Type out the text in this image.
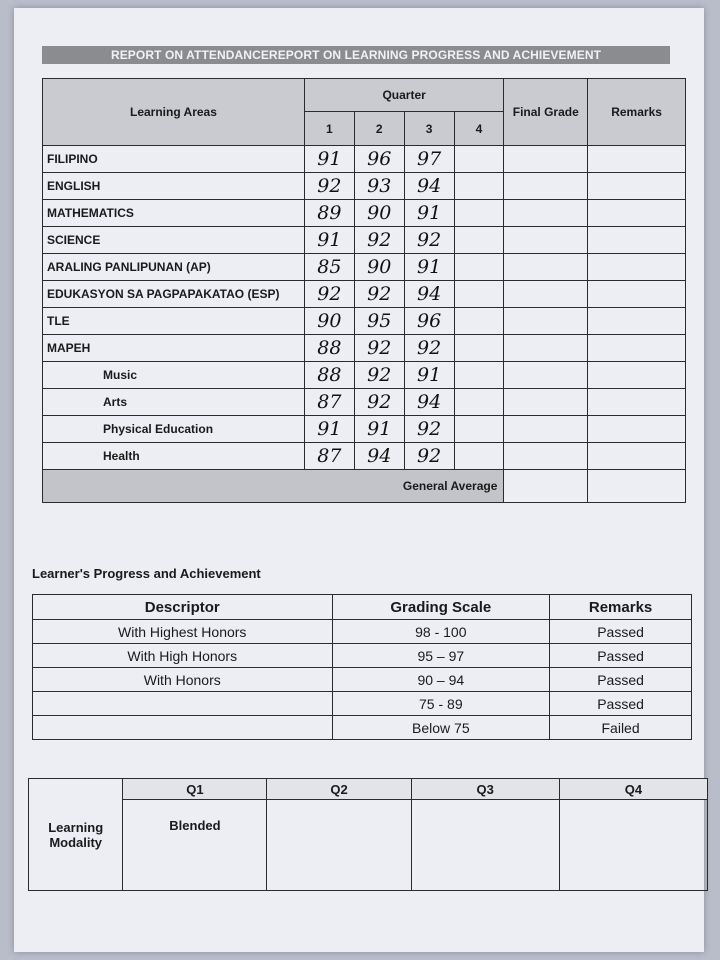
REPORT ON ATTENDANCEREPORT ON LEARNING PROGRESS AND ACHIEVEMENT
Learning Areas	Quarter				Final Grade	Remarks
	1	2	3	4		
FILIPINO	91	96	97			
ENGLISH	92	93	94			
MATHEMATICS	89	90	91			
SCIENCE	91	92	92			
ARALING PANLIPUNAN (AP)	85	90	91			
EDUKASYON SA PAGPAPAKATAO (ESP)	92	92	94			
TLE	90	95	96			
MAPEH	88	92	92			
Music	88	92	91			
Arts	87	92	94			
Physical Education	91	91	92			
Health	87	94	92			
General Average						
Learner's Progress and Achievement
Descriptor	Grading Scale	Remarks
With Highest Honors	98 - 100	Passed
With High Honors	95 – 97	Passed
With Honors	90 – 94	Passed
	75 - 89	Passed
	Below 75	Failed
Learning Modality	Q1	Q2	Q3	Q4
	Blended			
